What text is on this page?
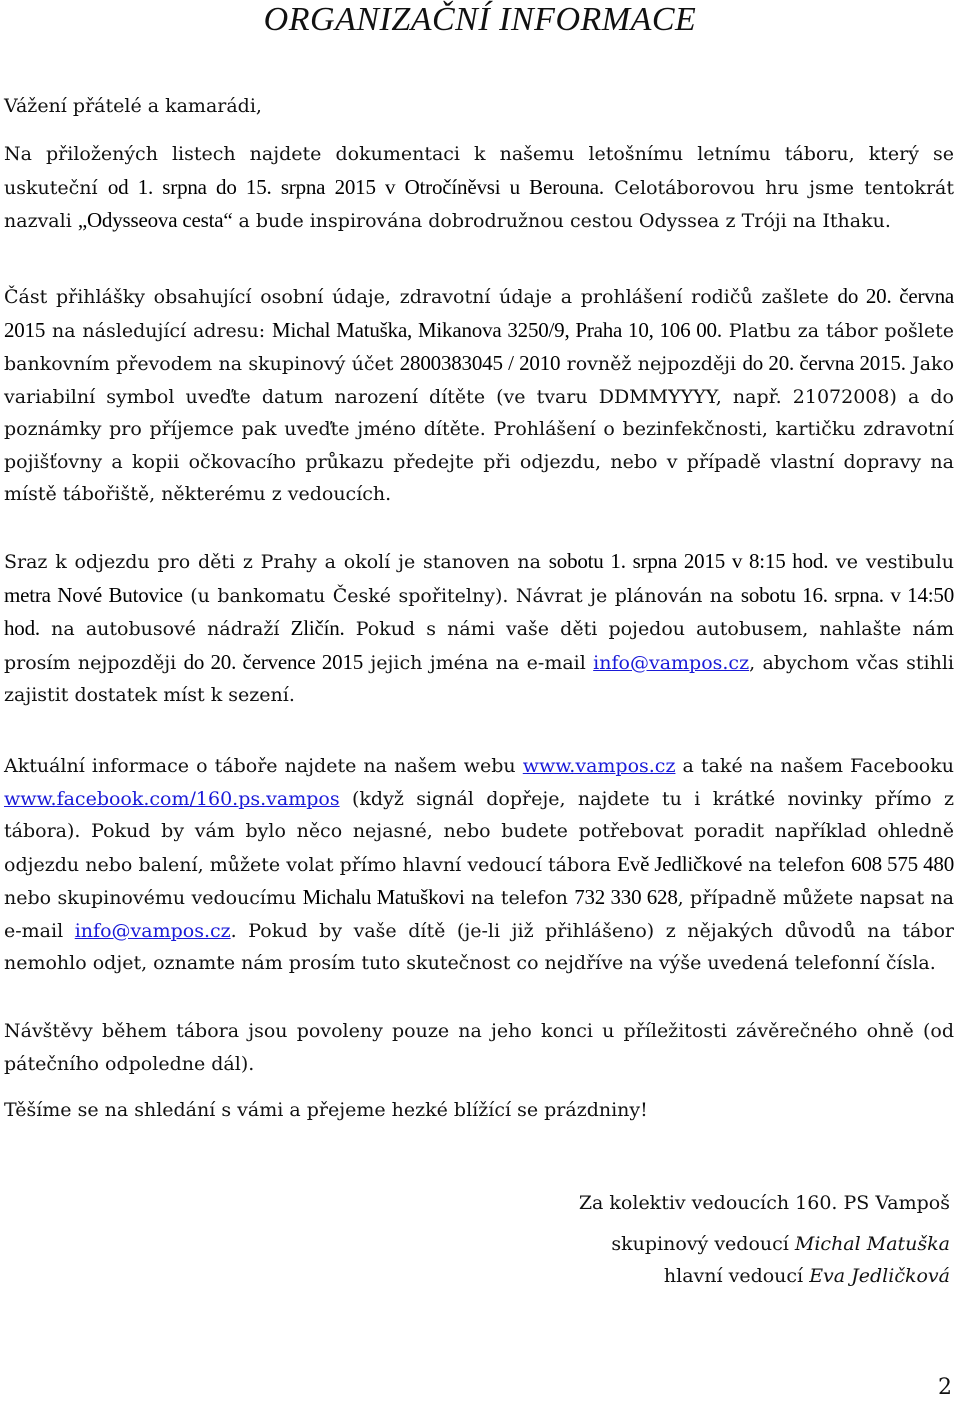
ORGANIZAČNÍ INFORMACE

Vážení přátelé a kamarádi,

Na přiložených listech najdete dokumentaci k našemu letošnímu letnímu táboru, který se uskuteční od 1. srpna do 15. srpna 2015 v Otročíněvsi u Berouna. Celotáborovou hru jsme tentokrát nazvali „Odysseova cesta“ a bude inspirována dobrodružnou cestou Odyssea z Tróji na Ithaku.

Část přihlášky obsahující osobní údaje, zdravotní údaje a prohlášení rodičů zašlete do 20. června 2015 na následující adresu: Michal Matuška, Mikanova 3250/9, Praha 10, 106 00. Platbu za tábor pošlete bankovním převodem na skupinový účet 2800383045 / 2010 rovněž nejpozději do 20. června 2015. Jako variabilní symbol uveďte datum narození dítěte (ve tvaru DDMMYYYY, např. 21072008) a do poznámky pro příjemce pak uveďte jméno dítěte. Prohlášení o bezinfekčnosti, kartičku zdravotní pojišťovny a kopii očkovacího průkazu předejte při odjezdu, nebo v případě vlastní dopravy na místě tábořiště, některému z vedoucích.

Sraz k odjezdu pro děti z Prahy a okolí je stanoven na sobotu 1. srpna 2015 v 8:15 hod. ve vestibulu metra Nové Butovice (u bankomatu České spořitelny). Návrat je plánován na sobotu 16. srpna. v 14:50 hod. na autobusové nádraží Zličín. Pokud s námi vaše děti pojedou autobusem, nahlašte nám prosím nejpozději do 20. července 2015 jejich jména na e-mail info@vampos.cz, abychom včas stihli zajistit dostatek míst k sezení.

Aktuální informace o táboře najdete na našem webu www.vampos.cz a také na našem Facebooku www.facebook.com/160.ps.vampos (když signál dopřeje, najdete tu i krátké novinky přímo z tábora). Pokud by vám bylo něco nejasné, nebo budete potřebovat poradit například ohledně odjezdu nebo balení, můžete volat přímo hlavní vedoucí tábora Evě Jedličkové na telefon 608 575 480 nebo skupinovému vedoucímu Michalu Matuškovi na telefon 732 330 628, případně můžete napsat na e-mail info@vampos.cz. Pokud by vaše dítě (je-li již přihlášeno) z nějakých důvodů na tábor nemohlo odjet, oznamte nám prosím tuto skutečnost co nejdříve na výše uvedená telefonní čísla.

Návštěvy během tábora jsou povoleny pouze na jeho konci u příležitosti závěrečného ohně (od pátečního odpoledne dál).

Těšíme se na shledání s vámi a přejeme hezké blížící se prázdniny!

Za kolektiv vedoucích 160. PS Vampoš
skupinový vedoucí Michal Matuška
hlavní vedoucí Eva Jedličková
2
